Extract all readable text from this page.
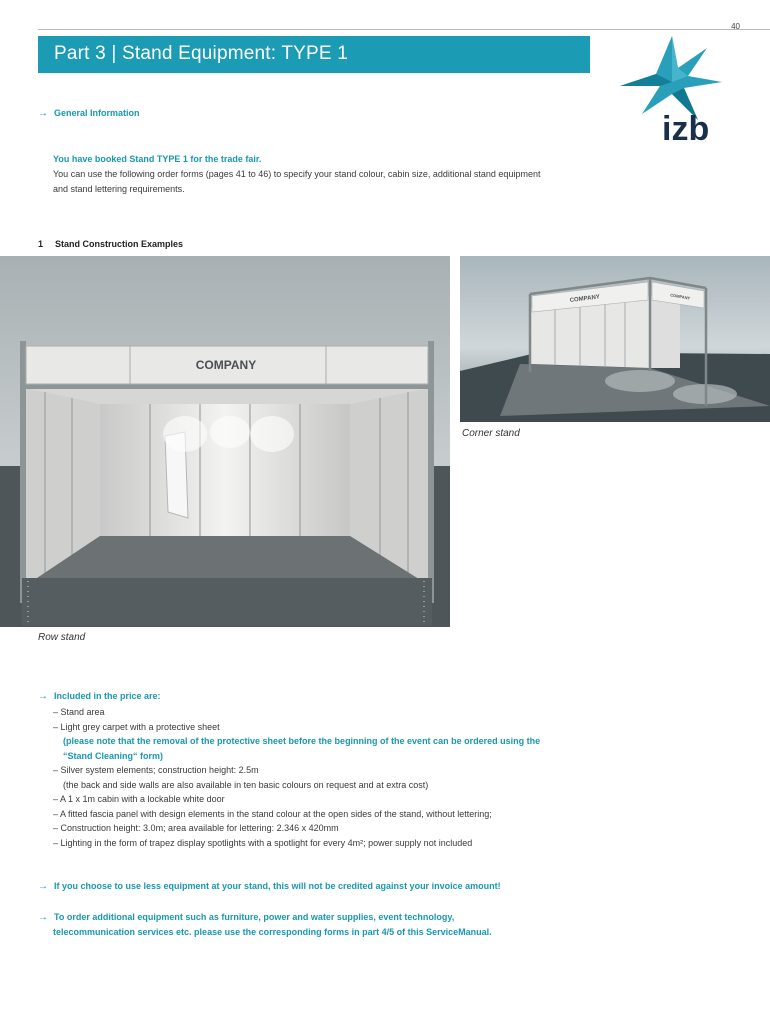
40
Part 3 | Stand Equipment: TYPE 1
izb
→ General Information
You have booked Stand TYPE 1 for the trade fair.
You can use the following order forms (pages 41 to 46) to specify your stand colour, cabin size, additional stand equipment
and stand lettering requirements.
1 Stand Construction Examples
COMPANY
COMPANY	COMPANY
Corner stand
Row stand
→ Included in the price are:
– Stand area
– Light grey carpet with a protective sheet
(please note that the removal of the protective sheet before the beginning of the event can be ordered using the
“Stand Cleaning“ form)
– Silver system elements; construction height: 2.5m
(the back and side walls are also available in ten basic colours on request and at extra cost)
– A 1 x 1m cabin with a lockable white door
– A fitted fascia panel with design elements in the stand colour at the open sides of the stand, without lettering;
– Construction height: 3.0m; area available for lettering: 2.346 x 420mm
– Lighting in the form of trapez display spotlights with a spotlight for every 4m²; power supply not included
→ If you choose to use less equipment at your stand, this will not be credited against your invoice amount!
→ To order additional equipment such as furniture, power and water supplies, event technology,
telecommunication services etc. please use the corresponding forms in part 4/5 of this ServiceManual.
